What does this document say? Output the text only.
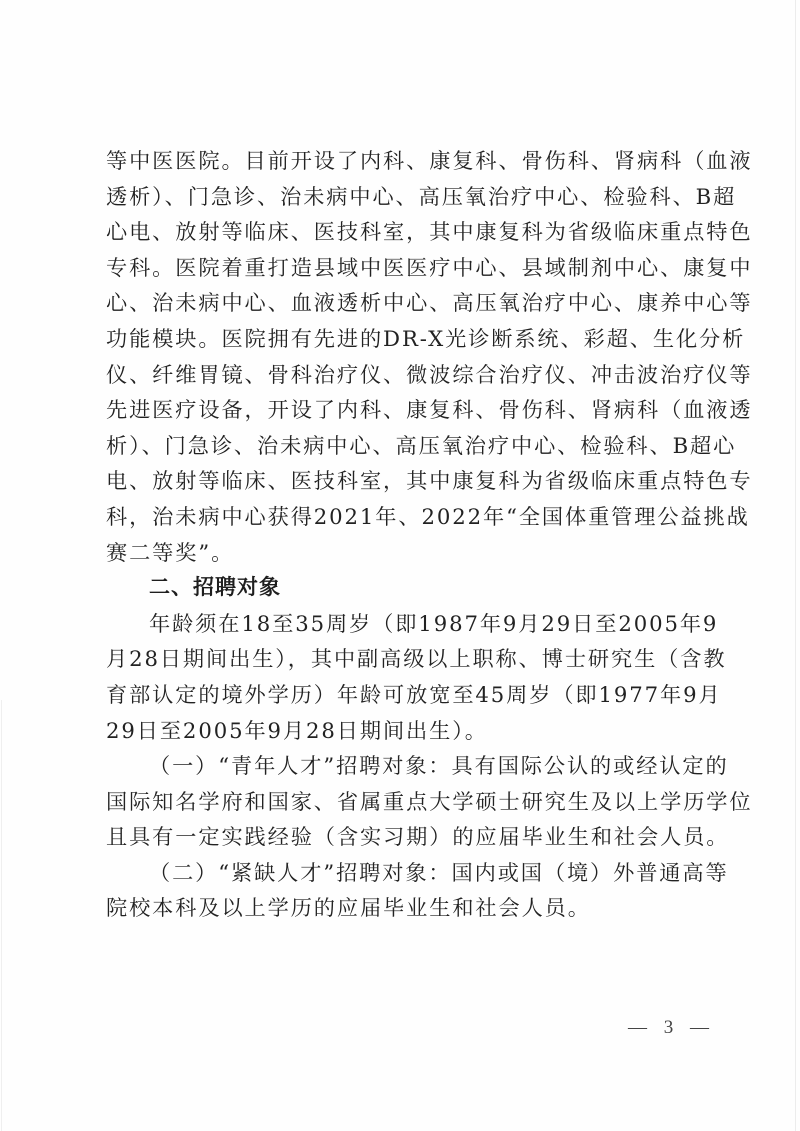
等中医医院。目前开设了内科、康复科、骨伤科、肾病科（血液
透析）、门急诊、治未病中心、高压氧治疗中心、检验科、B超
心电、放射等临床、医技科室，其中康复科为省级临床重点特色
专科。医院着重打造县域中医医疗中心、县域制剂中心、康复中
心、治未病中心、血液透析中心、高压氧治疗中心、康养中心等
功能模块。医院拥有先进的DR-X光诊断系统、彩超、生化分析
仪、纤维胃镜、骨科治疗仪、微波综合治疗仪、冲击波治疗仪等
先进医疗设备，开设了内科、康复科、骨伤科、肾病科（血液透
析）、门急诊、治未病中心、高压氧治疗中心、检验科、B超心
电、放射等临床、医技科室，其中康复科为省级临床重点特色专
科，治未病中心获得2021年、2022年“全国体重管理公益挑战
赛二等奖”。
二、招聘对象
年龄须在18至35周岁（即1987年9月29日至2005年9
月28日期间出生），其中副高级以上职称、博士研究生（含教
育部认定的境外学历）年龄可放宽至45周岁（即1977年9月
29日至2005年9月28日期间出生）。
（一）“青年人才”招聘对象：具有国际公认的或经认定的
国际知名学府和国家、省属重点大学硕士研究生及以上学历学位
且具有一定实践经验（含实习期）的应届毕业生和社会人员。
（二）“紧缺人才”招聘对象：国内或国（境）外普通高等
院校本科及以上学历的应届毕业生和社会人员。
— 3 —
